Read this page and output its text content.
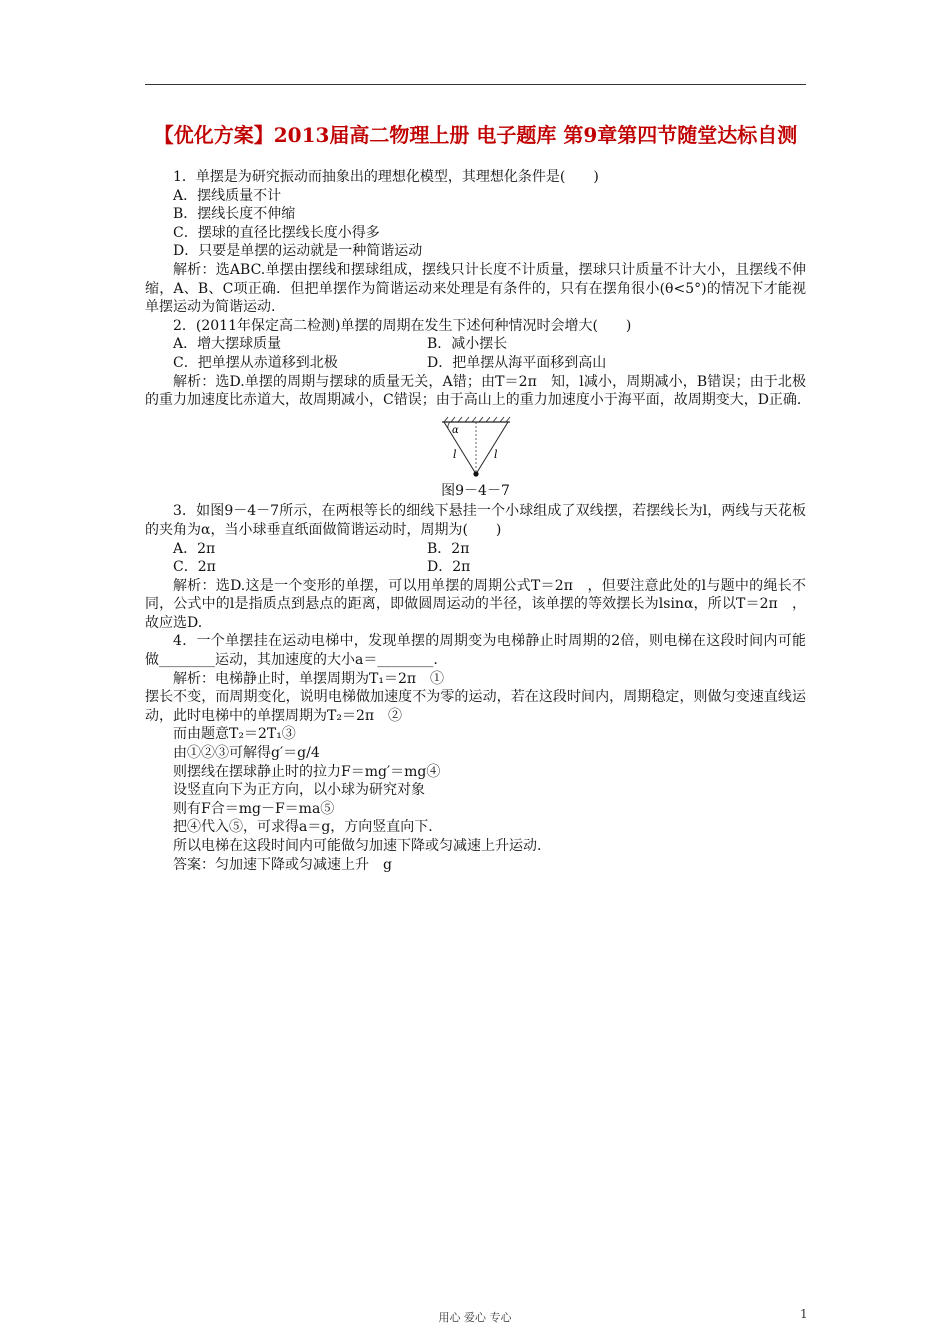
【优化方案】2013届高二物理上册 电子题库 第9章第四节随堂达标自测

1．单摆是为研究振动而抽象出的理想化模型，其理想化条件是(　　)

A．摆线质量不计

B．摆线长度不伸缩

C．摆球的直径比摆线长度小得多

D．只要是单摆的运动就是一种简谐运动

解析：选ABC.单摆由摆线和摆球组成，摆线只计长度不计质量，摆球只计质量不计大小，且摆线不伸缩，A、B、C项正确．但把单摆作为简谐运动来处理是有条件的，只有在摆角很小(θ<5°)的情况下才能视单摆运动为简谐运动.

2．(2011年保定高二检测)单摆的周期在发生下述何种情况时会增大(　　)

A．增大摆球质量	B．减小摆长
C．把单摆从赤道移到北极	D．把单摆从海平面移到高山

解析：选D.单摆的周期与摆球的质量无关，A错；由T＝2π　知，l减小，周期减小，B错误；由于北极的重力加速度比赤道大，故周期减小，C错误；由于高山上的重力加速度小于海平面，故周期变大，D正确.

α
l	l

图9－4－7

3．如图9－4－7所示，在两根等长的细线下悬挂一个小球组成了双线摆，若摆线长为l，两线与天花板的夹角为α，当小球垂直纸面做简谐运动时，周期为(　　)

A．2π	B．2π
C．2π	D．2π

解析：选D.这是一个变形的单摆，可以用单摆的周期公式T＝2π　，但要注意此处的l与题中的绳长不同，公式中的l是指质点到悬点的距离，即做圆周运动的半径，该单摆的等效摆长为lsinα，所以T＝2π　，故应选D.

4．一个单摆挂在运动电梯中，发现单摆的周期变为电梯静止时周期的2倍，则电梯在这段时间内可能做________运动，其加速度的大小a＝________.

解析：电梯静止时，单摆周期为T₁＝2π　①

摆长不变，而周期变化，说明电梯做加速度不为零的运动，若在这段时间内，周期稳定，则做匀变速直线运动，此时电梯中的单摆周期为T₂＝2π　②

而由题意T₂＝2T₁③

由①②③可解得g′＝g/4

则摆线在摆球静止时的拉力F＝mg′＝mg④

设竖直向下为正方向，以小球为研究对象

则有F合＝mg－F＝ma⑤

把④代入⑤，可求得a＝g，方向竖直向下.

所以电梯在这段时间内可能做匀加速下降或匀减速上升运动.

答案：匀加速下降或匀减速上升　g

用心 爱心 专心	1
